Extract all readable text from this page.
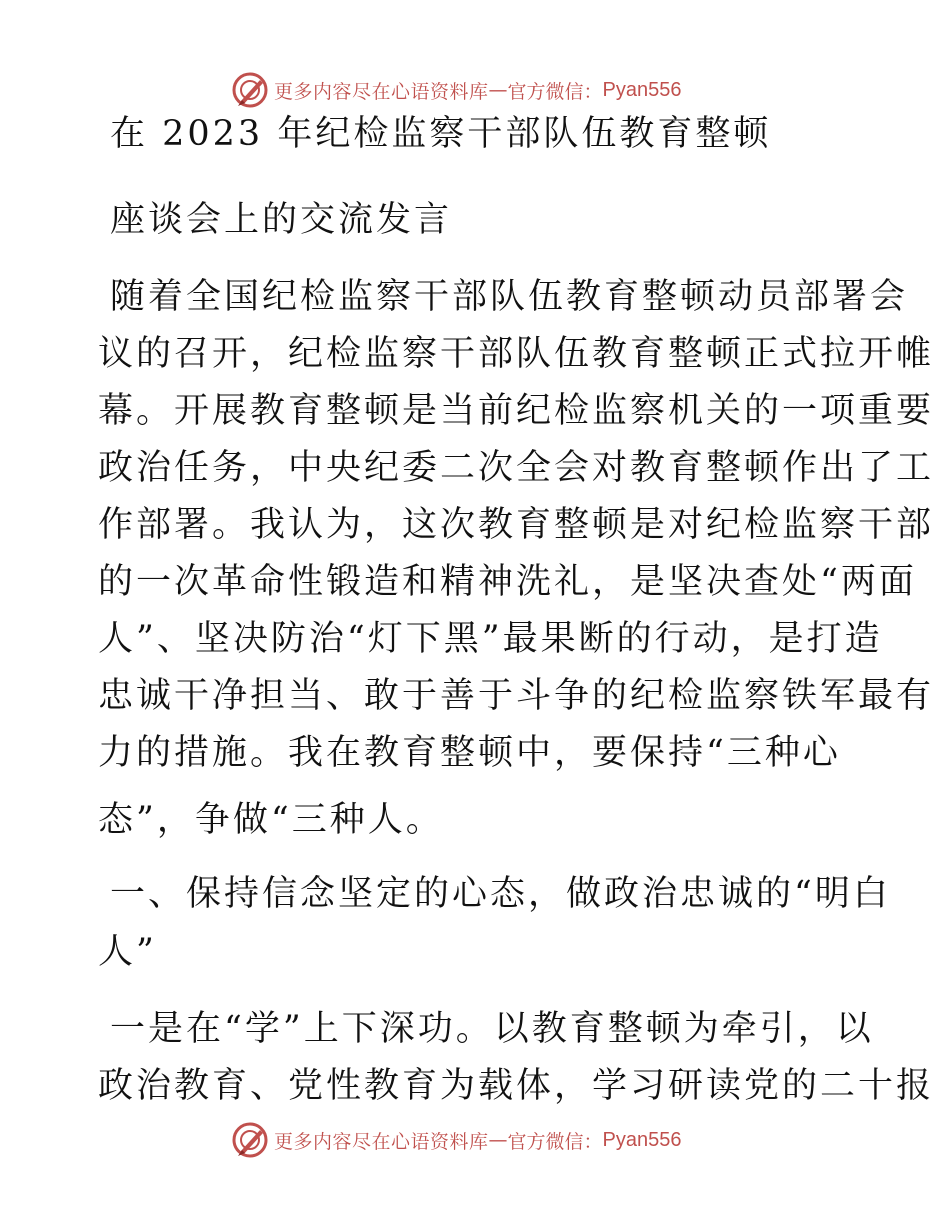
更多内容尽在心语资料库 — 官方微信： Pyan556
在 2023 年纪检监察干部队伍教育整顿
座谈会上的交流发言
随着全国纪检监察干部队伍教育整顿动员部署会
议的召开，纪检监察干部队伍教育整顿正式拉开帷
幕。开展教育整顿是当前纪检监察机关的一项重要
政治任务，中央纪委二次全会对教育整顿作出了工
作部署。我认为，这次教育整顿是对纪检监察干部
的一次革命性锻造和精神洗礼，是坚决查处“两面
人”、坚决防治“灯下黑”最果断的行动，是打造
忠诚干净担当、敢于善于斗争的纪检监察铁军最有
力的措施。我在教育整顿中，要保持“三种心
态”，争做“三种人。
一、保持信念坚定的心态，做政治忠诚的“明白
人”
一是在“学”上下深功。以教育整顿为牵引，以
政治教育、党性教育为载体，学习研读党的二十报
更多内容尽在心语资料库 — 官方微信： Pyan556
